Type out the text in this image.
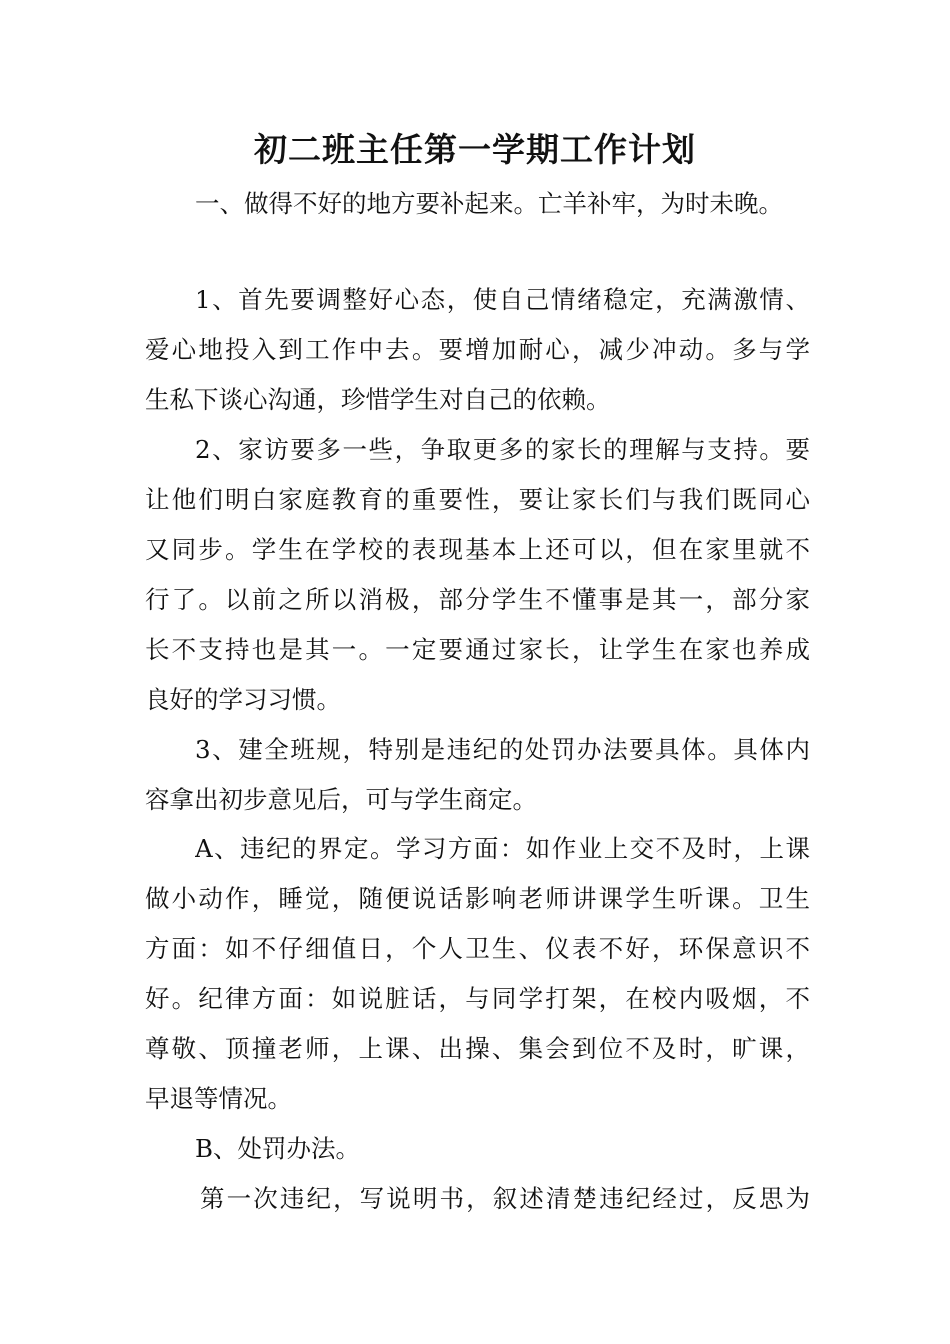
初二班主任第一学期工作计划
一、做得不好的地方要补起来。亡羊补牢，为时未晚。
1、首先要调整好心态，使自己情绪稳定，充满激情、
爱心地投入到工作中去。要增加耐心，减少冲动。多与学
生私下谈心沟通，珍惜学生对自己的依赖。
2、家访要多一些，争取更多的家长的理解与支持。要
让他们明白家庭教育的重要性，要让家长们与我们既同心
又同步。学生在学校的表现基本上还可以，但在家里就不
行了。以前之所以消极，部分学生不懂事是其一，部分家
长不支持也是其一。一定要通过家长，让学生在家也养成
良好的学习习惯。
3、建全班规，特别是违纪的处罚办法要具体。具体内
容拿出初步意见后，可与学生商定。
A、违纪的界定。学习方面：如作业上交不及时，上课
做小动作，睡觉，随便说话影响老师讲课学生听课。卫生
方面：如不仔细值日，个人卫生、仪表不好，环保意识不
好。纪律方面：如说脏话，与同学打架，在校内吸烟，不
尊敬、顶撞老师，上课、出操、集会到位不及时，旷课，
早退等情况。
B、处罚办法。
第一次违纪，写说明书，叙述清楚违纪经过，反思为
